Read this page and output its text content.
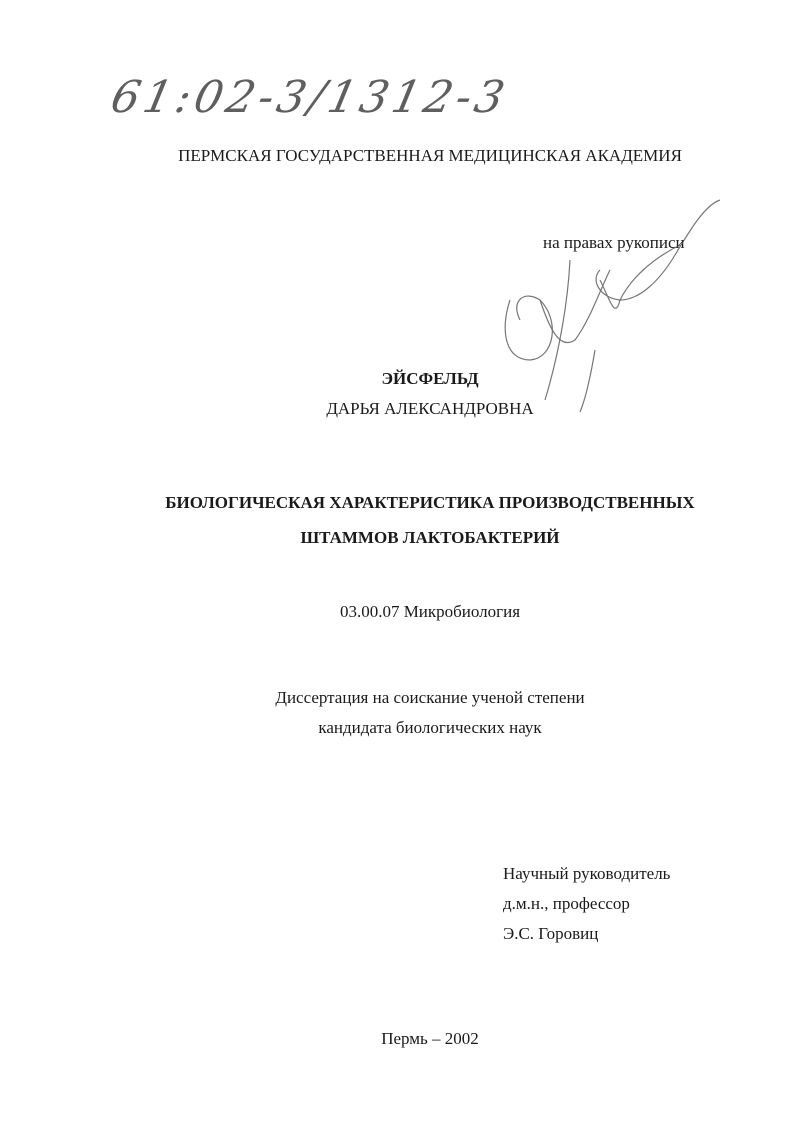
61:02-3/1312-3
ПЕРМСКАЯ ГОСУДАРСТВЕННАЯ МЕДИЦИНСКАЯ АКАДЕМИЯ
на правах рукописи
ЭЙСФЕЛЬД
ДАРЬЯ АЛЕКСАНДРОВНА
БИОЛОГИЧЕСКАЯ ХАРАКТЕРИСТИКА ПРОИЗВОДСТВЕННЫХ
ШТАММОВ ЛАКТОБАКТЕРИЙ
03.00.07 Микробиология
Диссертация на соискание ученой степени
кандидата биологических наук
Научный руководитель
д.м.н., профессор
Э.С. Горовиц
Пермь – 2002
